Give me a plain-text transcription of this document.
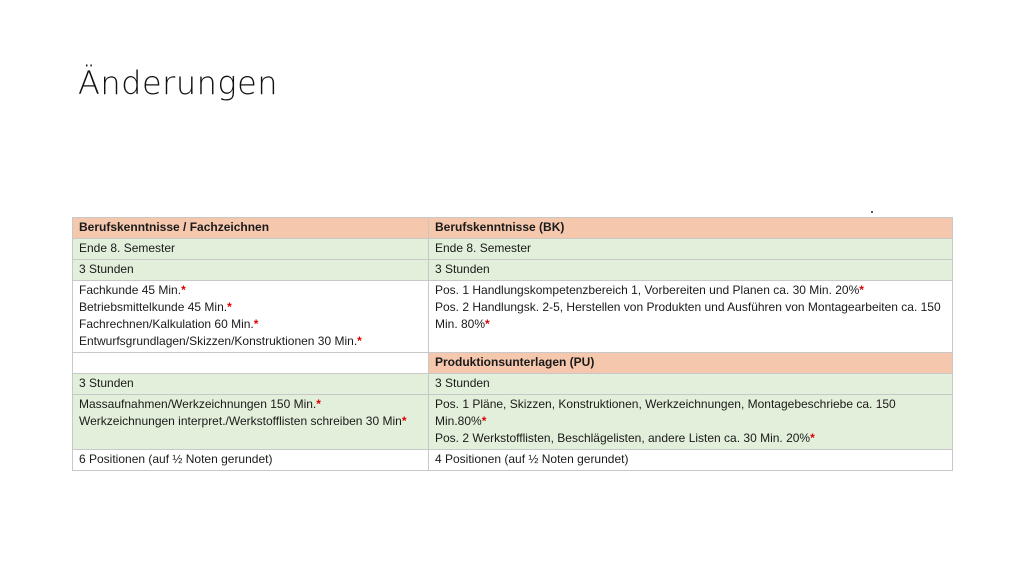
Änderungen
Berufskenntnisse / Fachzeichnen	Berufskenntnisse (BK)
Ende 8. Semester	Ende 8. Semester
3 Stunden	3 Stunden

Fachkunde 45 Min.*
Betriebsmittelkunde 45 Min.*
Fachrechnen/Kalkulation 60 Min.*
Entwurfsgrundlagen/Skizzen/Konstruktionen 30 Min.*	Pos. 1 Handlungskompetenzbereich 1, Vorbereiten und Planen ca. 30 Min. 20%*
Pos. 2 Handlungsk. 2-5, Herstellen von Produkten und Ausführen von Montagearbeiten ca. 150 Min. 80%*

	Produktionsunterlagen (PU)
3 Stunden	3 Stunden

Massaufnahmen/Werkzeichnungen 150 Min.*
Werkzeichnungen interpret./Werkstofflisten schreiben 30 Min*	Pos. 1 Pläne, Skizzen, Konstruktionen, Werkzeichnungen, Montagebeschriebe ca. 150 Min.80%*
Pos. 2 Werkstofflisten, Beschlägelisten, andere Listen ca. 30 Min. 20%*

6 Positionen (auf ½ Noten gerundet)	4 Positionen (auf ½ Noten gerundet)
